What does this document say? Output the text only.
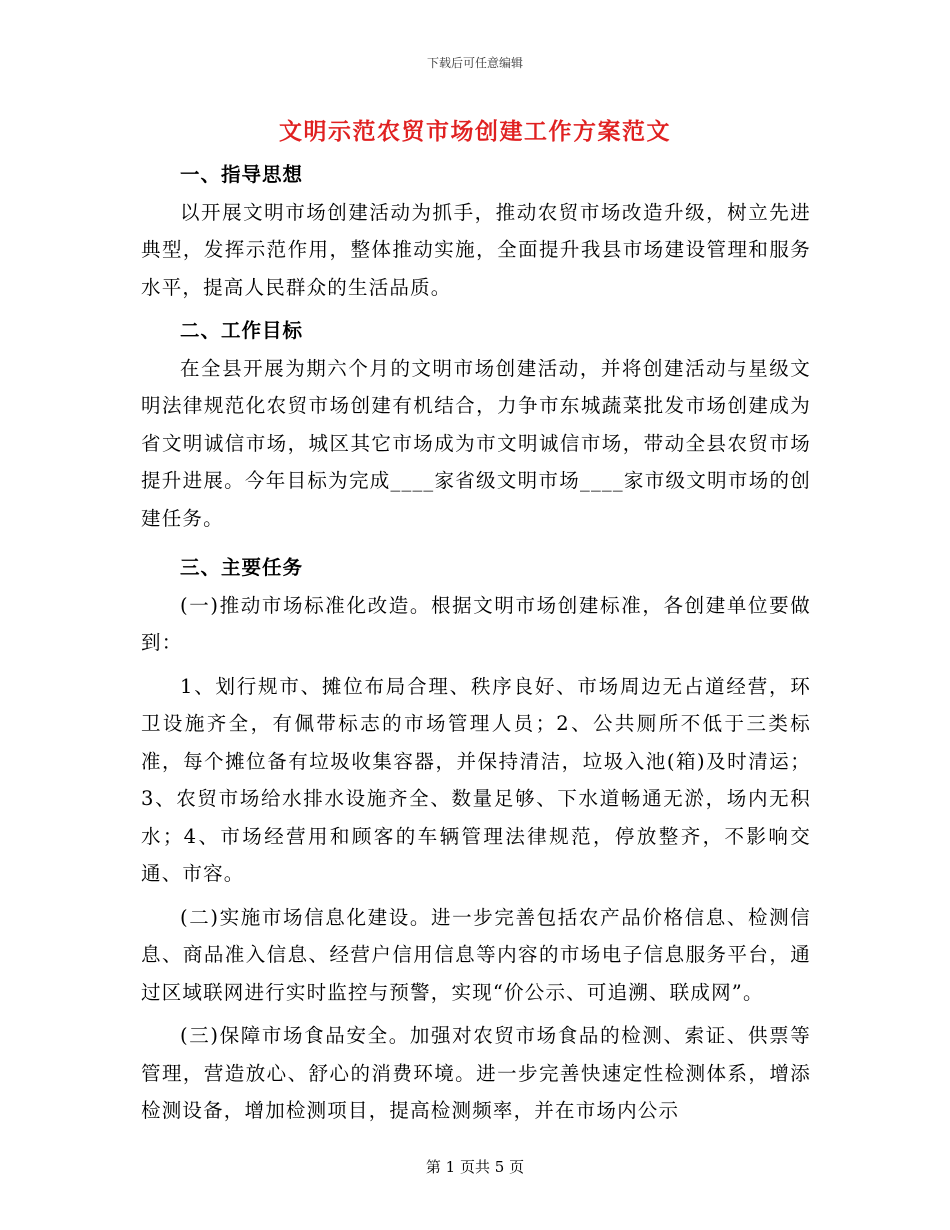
下载后可任意编辑
文明示范农贸市场创建工作方案范文

一、指导思想

以开展文明市场创建活动为抓手，推动农贸市场改造升级，树立先进典型，发挥示范作用，整体推动实施，全面提升我县市场建设管理和服务水平，提高人民群众的生活品质。

二、工作目标

在全县开展为期六个月的文明市场创建活动，并将创建活动与星级文明法律规范化农贸市场创建有机结合，力争市东城蔬菜批发市场创建成为省文明诚信市场，城区其它市场成为市文明诚信市场，带动全县农贸市场提升进展。今年目标为完成____家省级文明市场____家市级文明市场的创建任务。

三、主要任务

(一)推动市场标准化改造。根据文明市场创建标准，各创建单位要做到：

1、划行规市、摊位布局合理、秩序良好、市场周边无占道经营，环卫设施齐全，有佩带标志的市场管理人员；2、公共厕所不低于三类标准，每个摊位备有垃圾收集容器，并保持清洁，垃圾入池(箱)及时清运；3、农贸市场给水排水设施齐全、数量足够、下水道畅通无淤，场内无积水；4、市场经营用和顾客的车辆管理法律规范，停放整齐，不影响交通、市容。

(二)实施市场信息化建设。进一步完善包括农产品价格信息、检测信息、商品准入信息、经营户信用信息等内容的市场电子信息服务平台，通过区域联网进行实时监控与预警，实现“价公示、可追溯、联成网”。

(三)保障市场食品安全。加强对农贸市场食品的检测、索证、供票等管理，营造放心、舒心的消费环境。进一步完善快速定性检测体系，增添检测设备，增加检测项目，提高检测频率，并在市场内公示

第 1 页共 5 页
